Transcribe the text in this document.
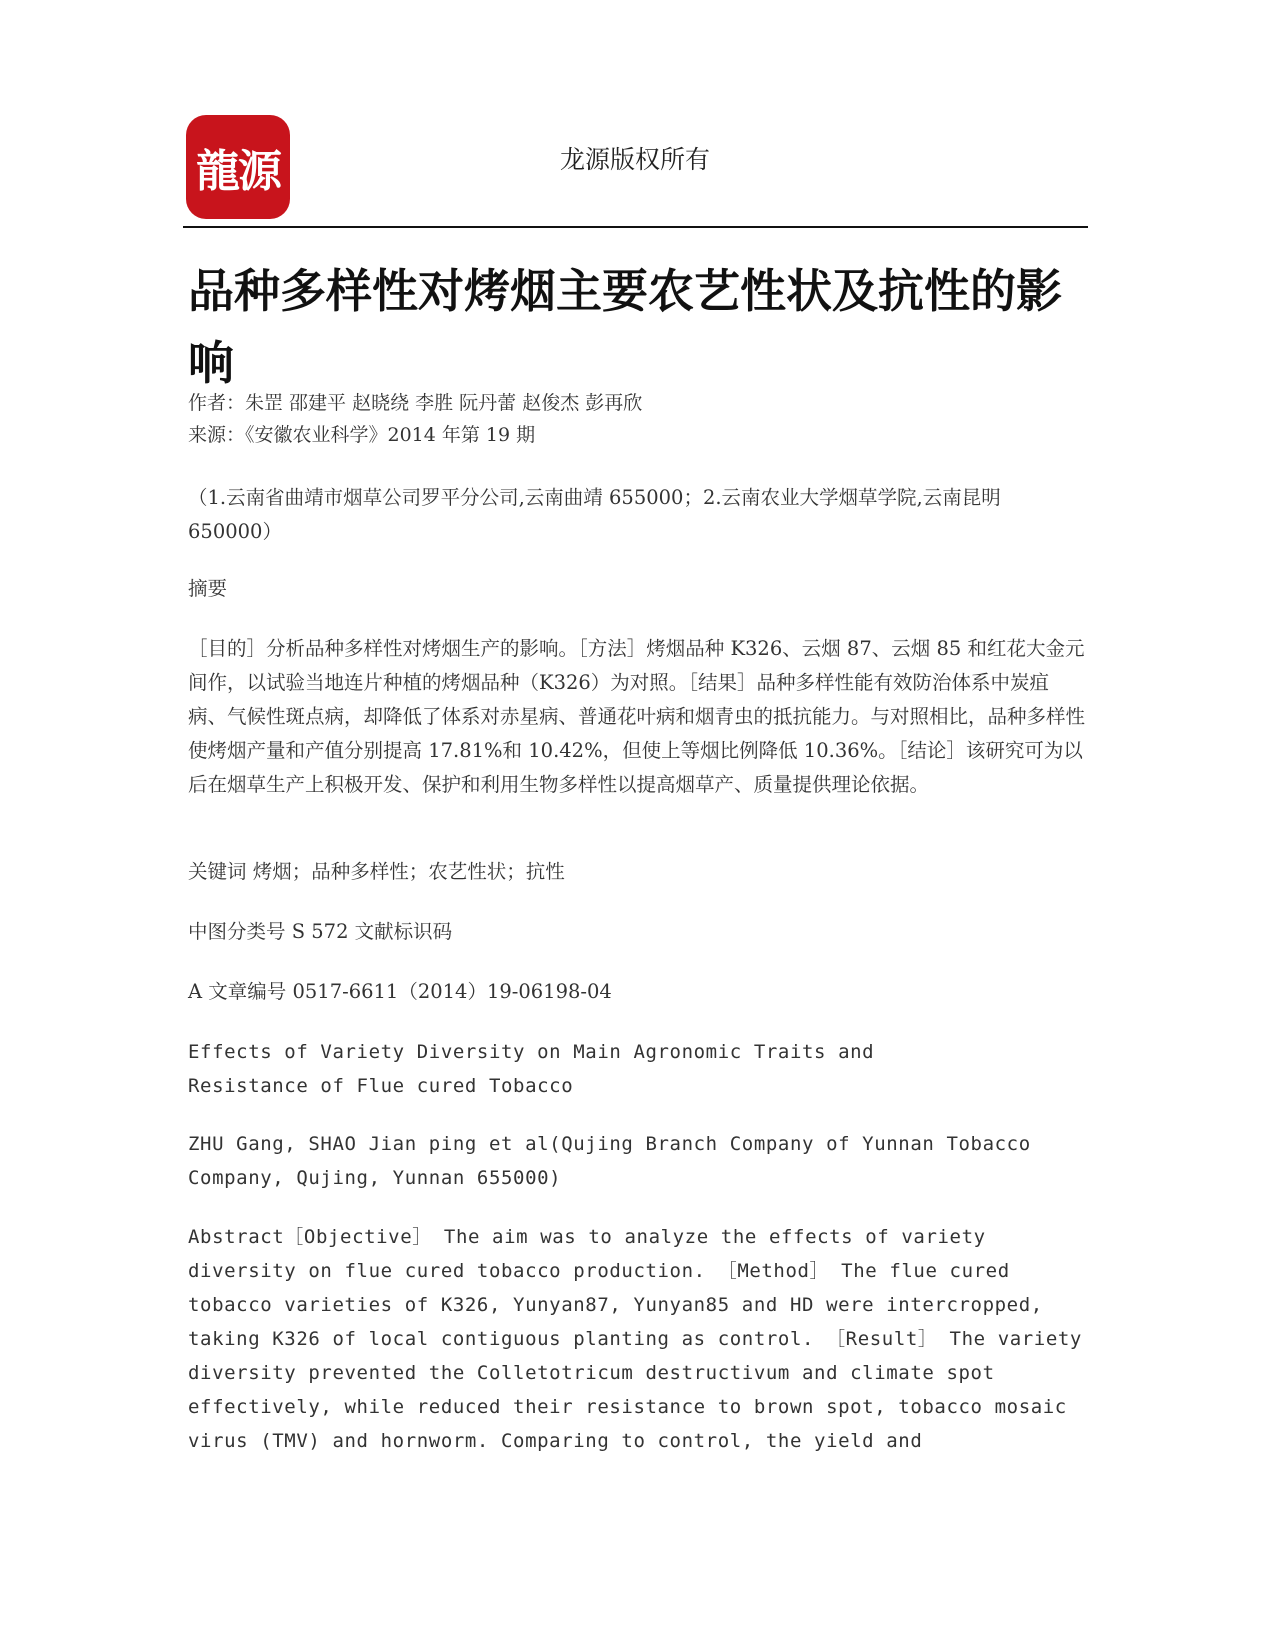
龍源	龙源版权所有
品种多样性对烤烟主要农艺性状及抗性的影响
作者：朱罡 邵建平 赵晓绕 李胜 阮丹蕾 赵俊杰 彭再欣
来源：《安徽农业科学》2014 年第 19 期

（1.云南省曲靖市烟草公司罗平分公司,云南曲靖 655000；2.云南农业大学烟草学院,云南昆明 650000）

摘要

［目的］分析品种多样性对烤烟生产的影响。［方法］烤烟品种 K326、云烟 87、云烟 85 和红花大金元间作，以试验当地连片种植的烤烟品种（K326）为对照。［结果］品种多样性能有效防治体系中炭疽病、气候性斑点病，却降低了体系对赤星病、普通花叶病和烟青虫的抵抗能力。与对照相比，品种多样性使烤烟产量和产值分别提高 17.81%和 10.42%，但使上等烟比例降低 10.36%。［结论］该研究可为以后在烟草生产上积极开发、保护和利用生物多样性以提高烟草产、质量提供理论依据。

关键词 烤烟；品种多样性；农艺性状；抗性

中图分类号 S 572 文献标识码

A 文章编号 0517-6611（2014）19-06198-04

Effects of Variety Diversity on Main Agronomic Traits and Resistance of Flue cured Tobacco

ZHU Gang, SHAO Jian ping et al(Qujing Branch Company of Yunnan Tobacco Company, Qujing, Yunnan 655000)

Abstract［Objective］ The aim was to analyze the effects of variety diversity on flue cured tobacco production. ［Method］ The flue cured tobacco varieties of K326, Yunyan87, Yunyan85 and HD were intercropped, taking K326 of local contiguous planting as control. ［Result］ The variety diversity prevented the Colletotricum destructivum and climate spot effectively, while reduced their resistance to brown spot, tobacco mosaic virus (TMV) and hornworm. Comparing to control, the yield and
